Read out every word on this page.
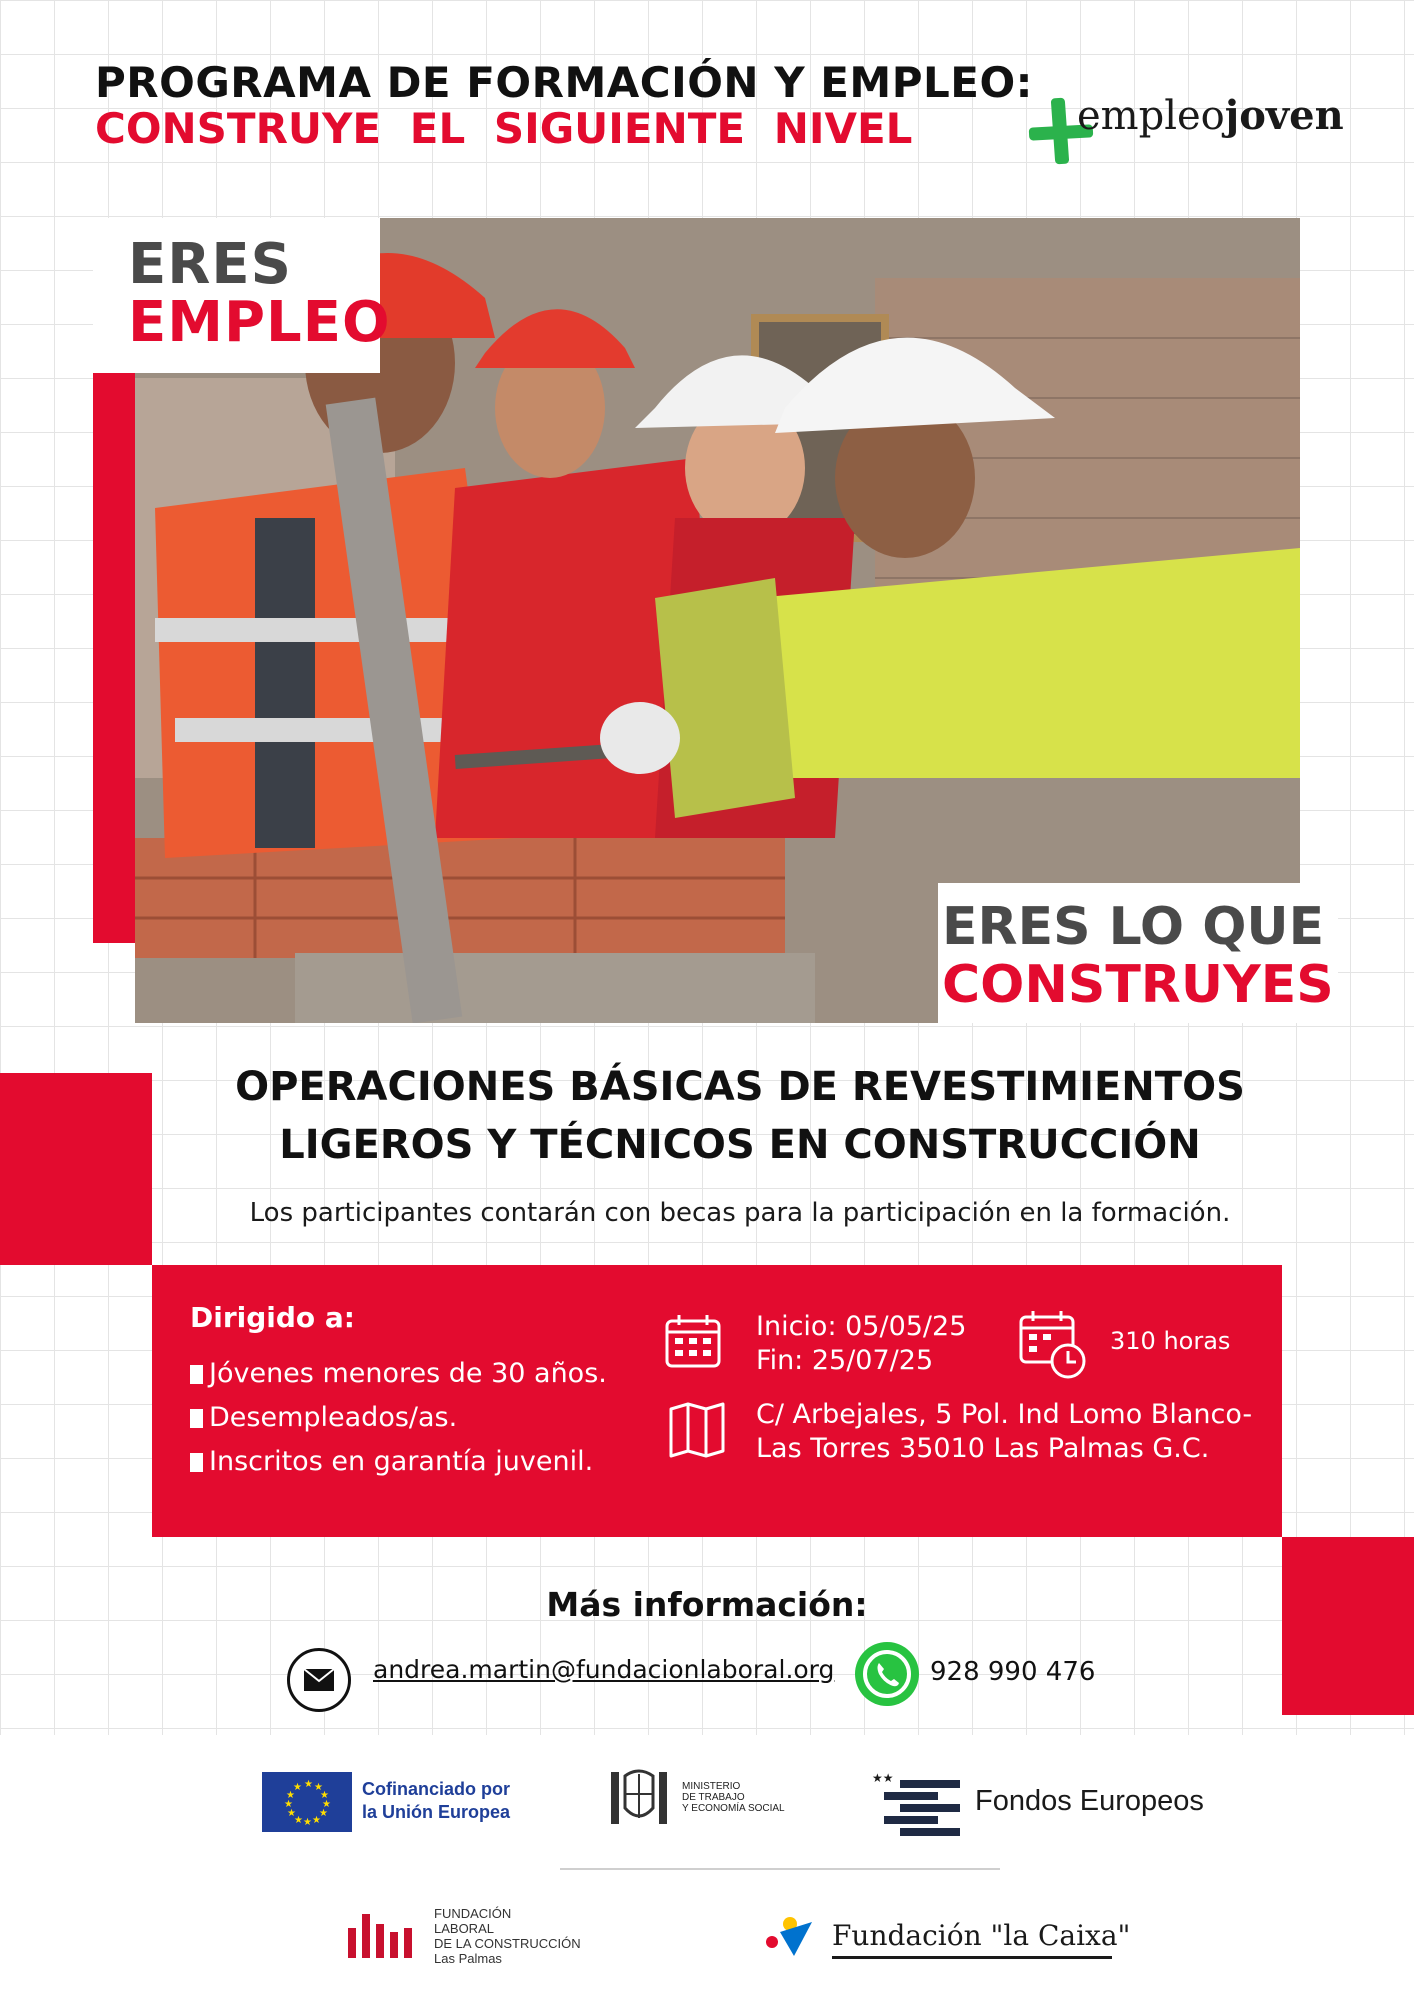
PROGRAMA DE FORMACIÓN Y EMPLEO:
CONSTRUYE EL SIGUIENTE NIVEL	empleojoven
ERES
EMPLEO
ERES LO QUE
CONSTRUYES
OPERACIONES BÁSICAS DE REVESTIMIENTOS
LIGEROS Y TÉCNICOS EN CONSTRUCCIÓN
Los participantes contarán con becas para la participación en la formación.
Dirigido a:
Jóvenes menores de 30 años.
Desempleados/as.
Inscritos en garantía juvenil.
Inicio: 05/05/25
Fin: 25/07/25
310 horas
C/ Arbejales, 5 Pol. Ind Lomo Blanco-
Las Torres 35010 Las Palmas G.C.
Más información:
andrea.martin@fundacionlaboral.org	928 990 476
★ ★
★
★
★
★
★
★
★
★
★
★	Cofinanciado por
la Unión Europea
MINISTERIO
DE TRABAJO
Y ECONOMÍA SOCIAL
★★
Fondos Europeos
FUNDACIÓN
LABORAL
DE LA CONSTRUCCIÓN
Las Palmas
Fundación "la Caixa"
